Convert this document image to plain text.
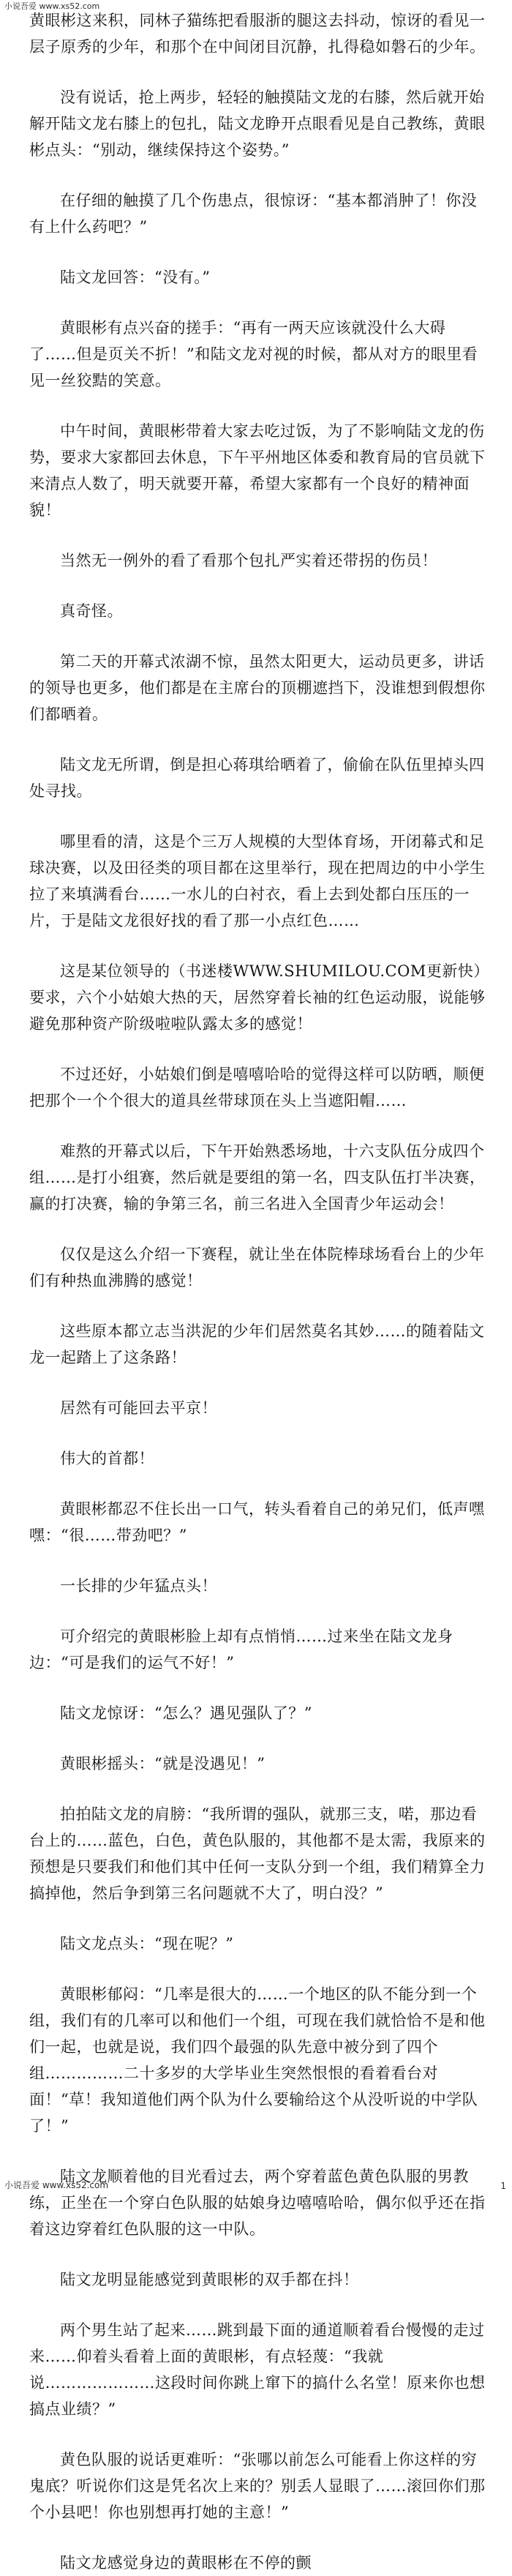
小说吾爱 www.xs52.com

黄眼彬这来积，同林子猫练把看服浙的腿这去抖动，惊讶的看见一层子原秀的少年，和那个在中间闭目沉静，扎得稳如磐石的少年。

没有说话，抢上两步，轻轻的触摸陆文龙的右膝，然后就开始解开陆文龙右膝上的包扎，陆文龙睁开点眼看见是自己教练，黄眼彬点头：“别动，继续保持这个姿势。”

在仔细的触摸了几个伤患点，很惊讶：“基本都消肿了！你没有上什么药吧？”

陆文龙回答：“没有。”

黄眼彬有点兴奋的搓手：“再有一两天应该就没什么大碍了……但是页关不折！”和陆文龙对视的时候，都从对方的眼里看见一丝狡黠的笑意。

中午时间，黄眼彬带着大家去吃过饭，为了不影响陆文龙的伤势，要求大家都回去休息，下午平州地区体委和教育局的官员就下来清点人数了，明天就要开幕，希望大家都有一个良好的精神面貌！

当然无一例外的看了看那个包扎严实着还带拐的伤员！

真奇怪。

第二天的开幕式浓湖不惊，虽然太阳更大，运动员更多，讲话的领导也更多，他们都是在主席台的顶棚遮挡下，没谁想到假想你们都晒着。

陆文龙无所谓，倒是担心蒋琪给晒着了，偷偷在队伍里掉头四处寻找。

哪里看的清，这是个三万人规模的大型体育场，开闭幕式和足球决赛，以及田径类的项目都在这里举行，现在把周边的中小学生拉了来填满看台……一水儿的白衬衣，看上去到处都白压压的一片，于是陆文龙很好找的看了那一小点红色……

这是某位领导的（书迷楼WWW.SHUMILOU.COM更新快）要求，六个小姑娘大热的天，居然穿着长袖的红色运动服，说能够避免那种资产阶级啦啦队露太多的感觉！

不过还好，小姑娘们倒是嘻嘻哈哈的觉得这样可以防晒，顺便把那个一个个很大的道具丝带球顶在头上当遮阳帽……

难熬的开幕式以后，下午开始熟悉场地，十六支队伍分成四个组……是打小组赛，然后就是要组的第一名，四支队伍打半决赛，赢的打决赛，输的争第三名，前三名进入全国青少年运动会！

仅仅是这么介绍一下赛程，就让坐在体院棒球场看台上的少年们有种热血沸腾的感觉！

这些原本都立志当洪泥的少年们居然莫名其妙……的随着陆文龙一起踏上了这条路！

居然有可能回去平京！

伟大的首都！

黄眼彬都忍不住长出一口气，转头看着自己的弟兄们，低声嘿嘿：“很……带劲吧？”

一长排的少年猛点头！

可介绍完的黄眼彬脸上却有点悄悄……过来坐在陆文龙身边：“可是我们的运气不好！”

陆文龙惊讶：“怎么？遇见强队了？”

黄眼彬摇头：“就是没遇见！”

拍拍陆文龙的肩膀：“我所谓的强队，就那三支，喏，那边看台上的……蓝色，白色，黄色队服的，其他都不是太需，我原来的预想是只要我们和他们其中任何一支队分到一个组，我们精算全力搞掉他，然后争到第三名问题就不大了，明白没？”

陆文龙点头：“现在呢？”

黄眼彬郁闷：“几率是很大的……一个地区的队不能分到一个组，我们有的几率可以和他们一个组，可现在我们就恰恰不是和他们一起，也就是说，我们四个最强的队先意中被分到了四个组……………二十多岁的大学毕业生突然恨恨的看着看台对面！“草！我知道他们两个队为什么要输给这个从没听说的中学队了！”

陆文龙顺着他的目光看过去，两个穿着蓝色黄色队服的男教练，正坐在一个穿白色队服的姑娘身边嘻嘻哈哈，偶尔似乎还在指着这边穿着红色队服的这一中队。

陆文龙明显能感觉到黄眼彬的双手都在抖！

两个男生站了起来……跳到最下面的通道顺着看台慢慢的走过来……仰着头看着上面的黄眼彬，有点轻蔑：“我就说…………………这段时间你跳上窜下的搞什么名堂！原来你也想搞点业绩？”

黄色队服的说话更难听：“张哪以前怎么可能看上你这样的穷鬼底？听说你们这是凭名次上来的？别丢人显眼了……滚回你们那个小县吧！你也别想再打她的主意！”

陆文龙感觉身边的黄眼彬在不停的颤

小说吾爱 www.xs52.com	1
